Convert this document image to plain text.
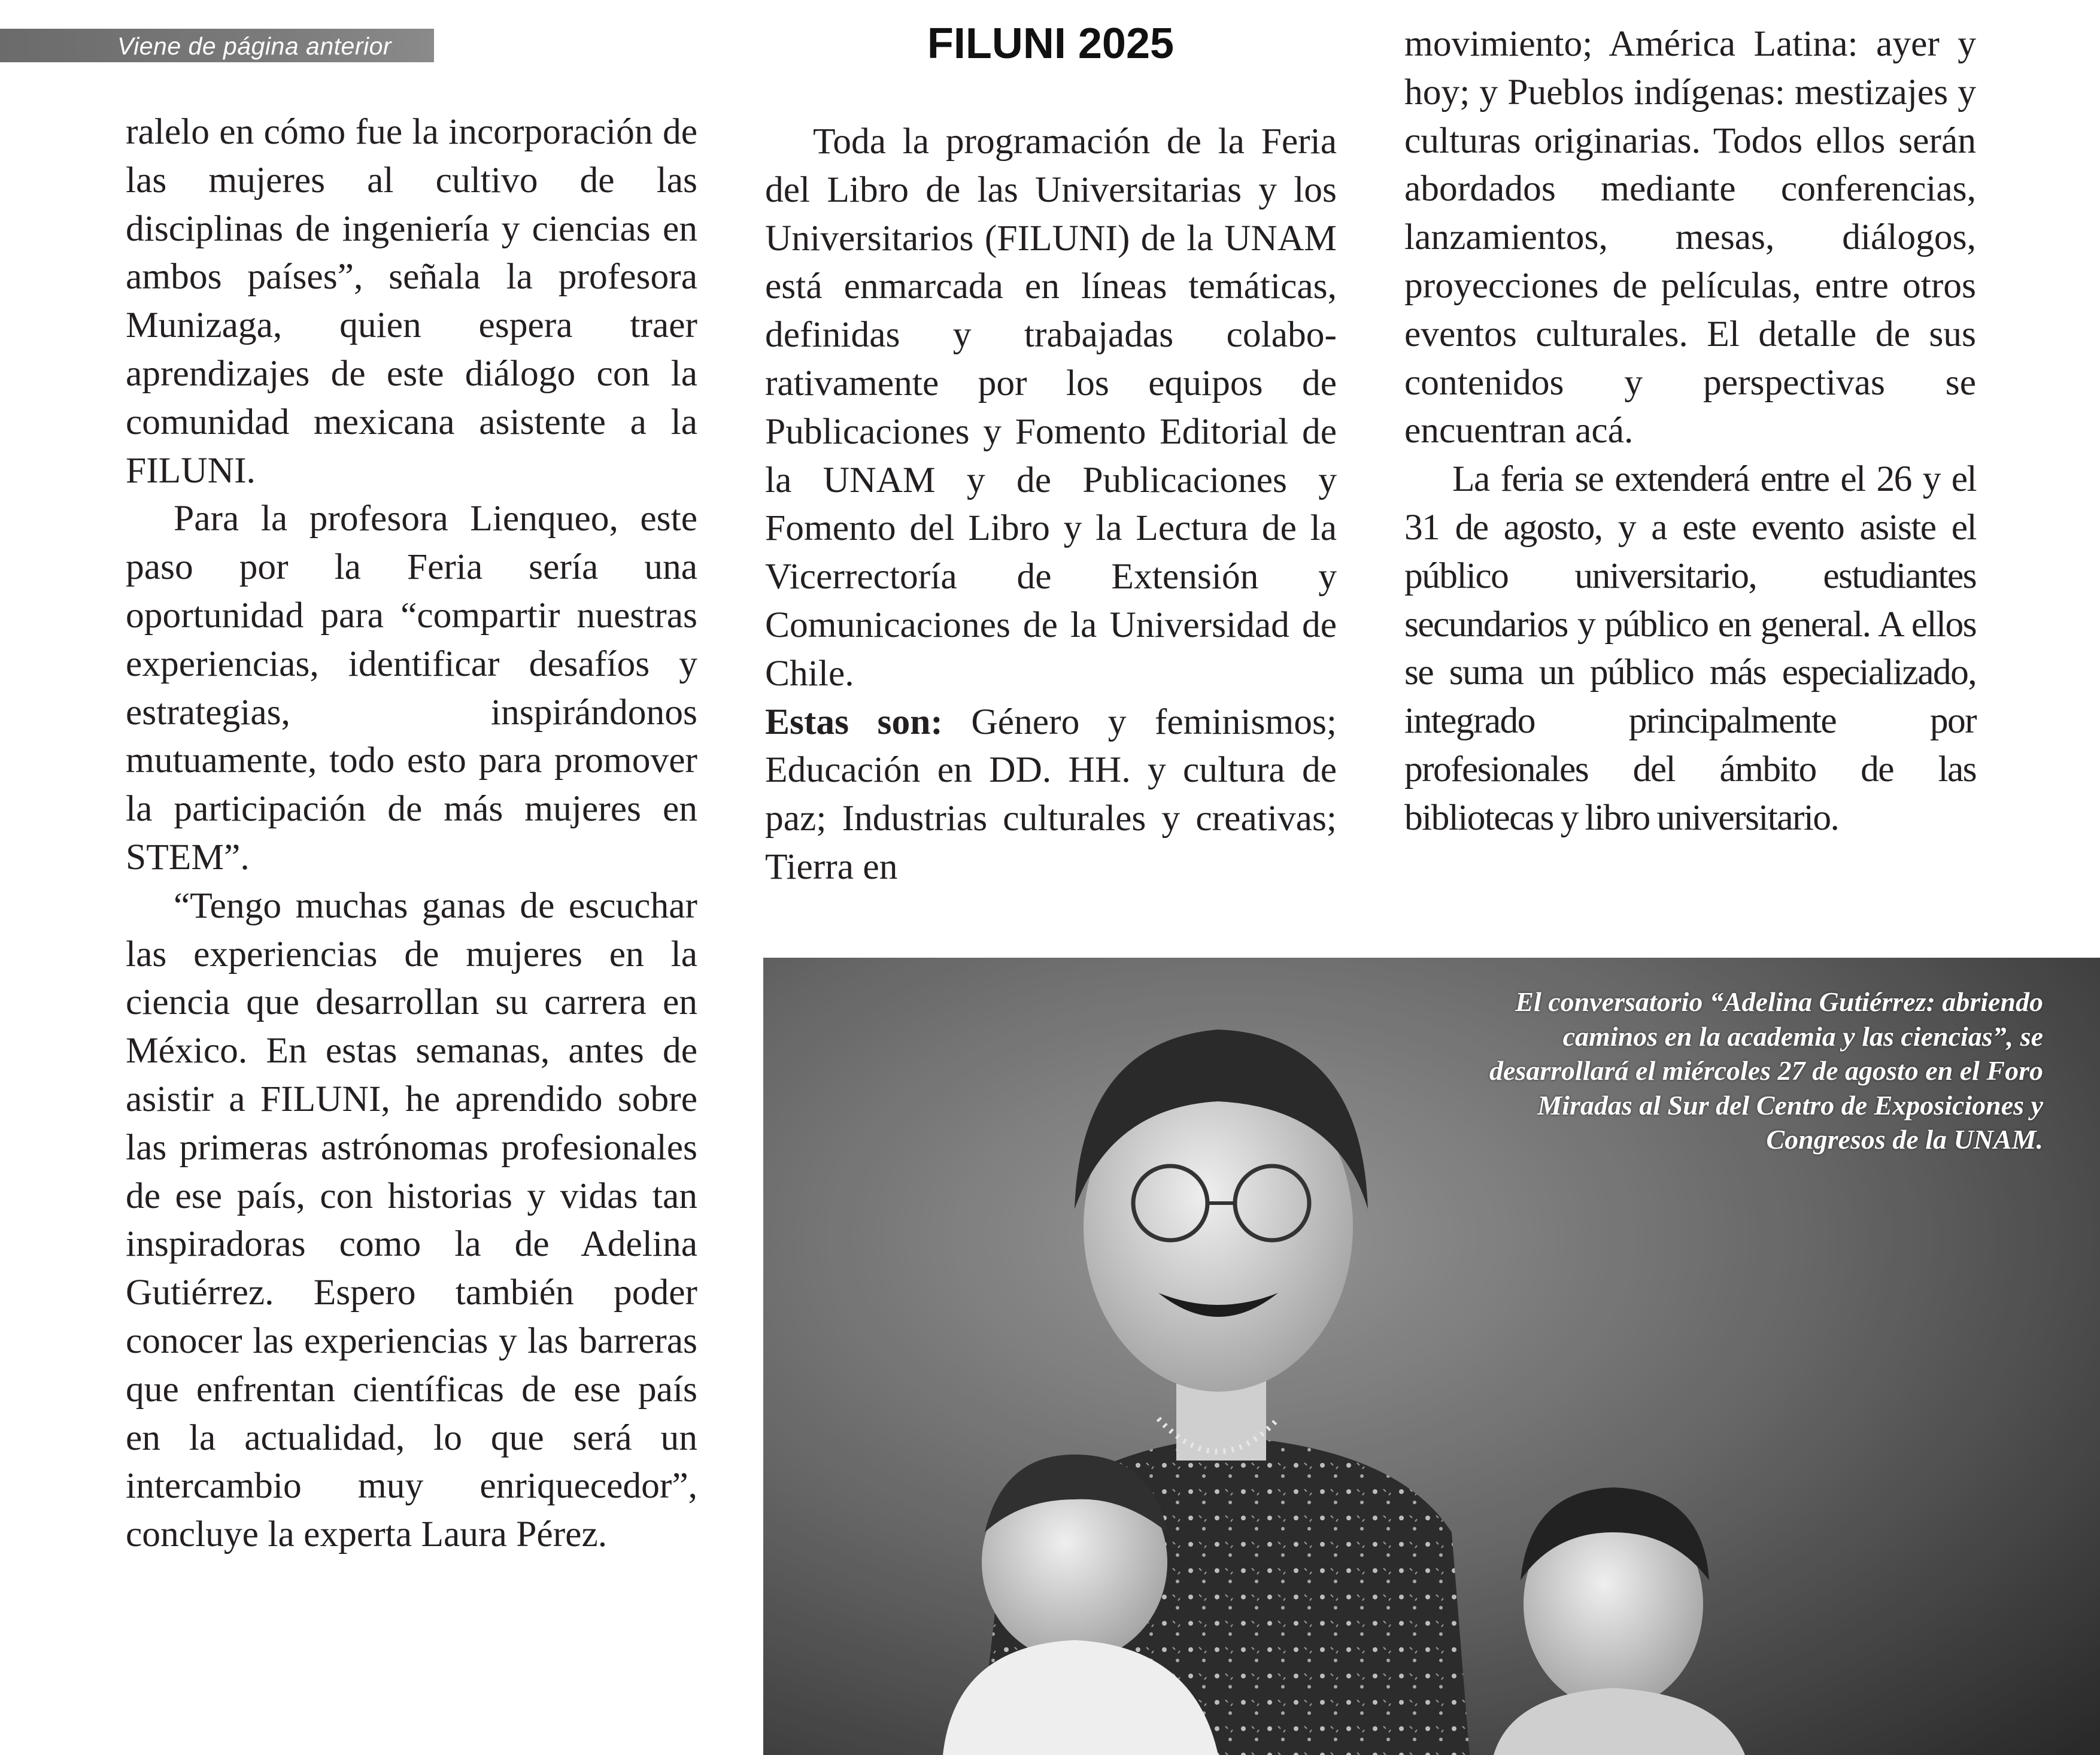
Viene de página anterior	FILUNI 2025

ralelo en cómo fue la incorporación de las mujeres al cultivo de las disciplinas de ingeniería y ciencias en ambos países”, señala la profesora Munizaga, quien espera traer aprendizajes de este diálogo con la comunidad mexicana asistente a la FILUNI.

Para la profesora Lienqueo, este paso por la Feria sería una oportunidad para “compartir nuestras experiencias, identificar desafíos y estrategias, inspirándonos mutuamente, todo esto para promover la participación de más mujeres en STEM”.

“Tengo muchas ganas de escuchar las experiencias de mujeres en la ciencia que desarrollan su carrera en México. En estas semanas, antes de asistir a FILUNI, he aprendido sobre las primeras astrónomas profesionales de ese país, con historias y vidas tan inspiradoras como la de Adelina Gutiérrez. Espero también poder conocer las experiencias y las barreras que enfrentan científicas de ese país en la actualidad, lo que será un intercambio muy enriquecedor”, concluye la experta Laura Pérez.

Toda la programación de la Feria del Libro de las Universitarias y los Universitarios (FILUNI) de la UNAM está enmarcada en líneas temáticas, definidas y trabajadas colaborativamente por los equipos de Publicaciones y Fomento Editorial de la UNAM y de Publicaciones y Fomento del Libro y la Lectura de la Vicerrectoría de Extensión y Comunicaciones de la Universidad de Chile.

Estas son: Género y feminismos; Educación en DD. HH. y cultura de paz; Industrias culturales y creativas; Tierra en

movimiento; América Latina: ayer y hoy; y Pueblos indígenas: mestizajes y culturas originarias. Todos ellos serán abordados mediante conferencias, lanzamientos, mesas, diálogos, proyecciones de películas, entre otros eventos culturales. El detalle de sus contenidos y perspectivas se encuentran acá.

La feria se extenderá entre el 26 y el 31 de agosto, y a este evento asiste el público universitario, estudiantes secundarios y público en general. A ellos se suma un público más especializado, integrado principalmente por profesionales del ámbito de las bibliotecas y libro universitario.

El conversatorio “Adelina Gutiérrez: abriendo caminos en la academia y las ciencias”, se desarrollará el miércoles 27 de agosto en el Foro Miradas al Sur del Centro de Exposiciones y Congresos de la UNAM.
